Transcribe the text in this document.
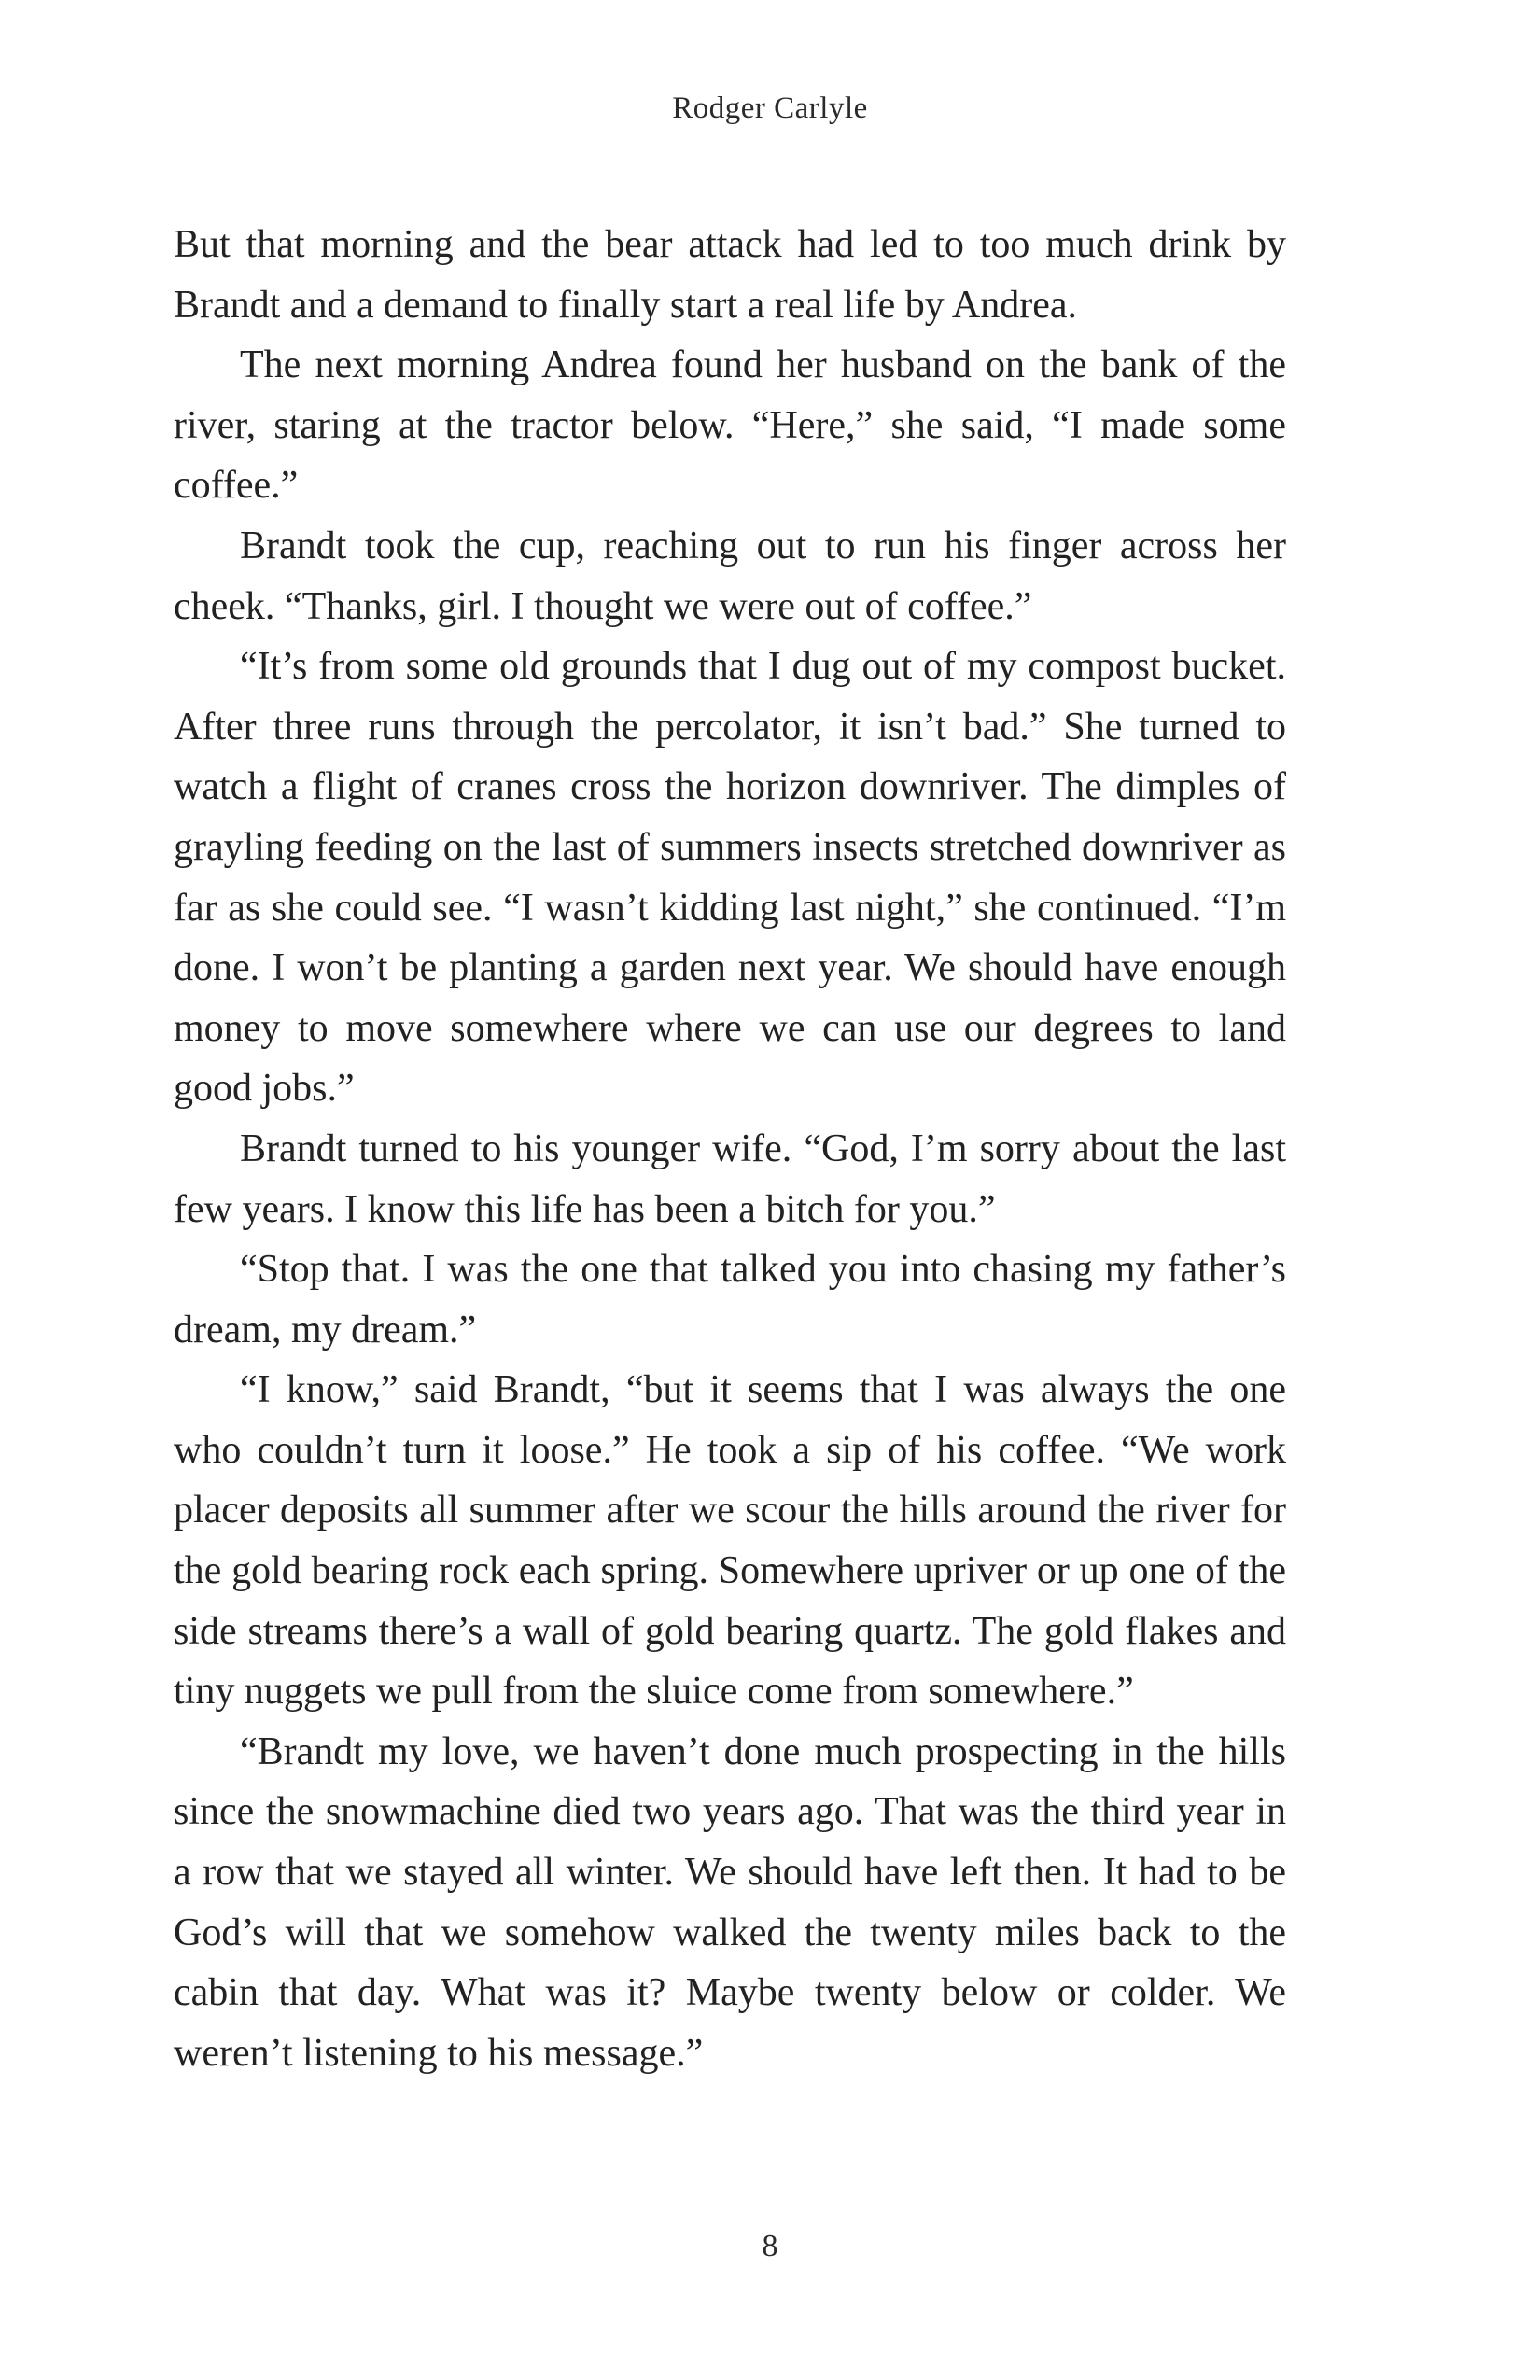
Rodger Carlyle

But that morning and the bear attack had led to too much drink by Brandt and a demand to finally start a real life by Andrea.

The next morning Andrea found her husband on the bank of the river, staring at the tractor below. “Here,” she said, “I made some coffee.”

Brandt took the cup, reaching out to run his finger across her cheek. “Thanks, girl. I thought we were out of coffee.”

“It’s from some old grounds that I dug out of my compost bucket. After three runs through the percolator, it isn’t bad.” She turned to watch a flight of cranes cross the horizon downriver. The dimples of grayling feeding on the last of summers insects stretched downriver as far as she could see. “I wasn’t kidding last night,” she continued. “I’m done. I won’t be planting a garden next year. We should have enough money to move somewhere where we can use our degrees to land good jobs.”

Brandt turned to his younger wife. “God, I’m sorry about the last few years. I know this life has been a bitch for you.”

“Stop that. I was the one that talked you into chasing my father’s dream, my dream.”

“I know,” said Brandt, “but it seems that I was always the one who couldn’t turn it loose.” He took a sip of his coffee. “We work placer deposits all summer after we scour the hills around the river for the gold bearing rock each spring. Somewhere upriver or up one of the side streams there’s a wall of gold bearing quartz. The gold flakes and tiny nuggets we pull from the sluice come from somewhere.”

“Brandt my love, we haven’t done much prospecting in the hills since the snowmachine died two years ago. That was the third year in a row that we stayed all winter. We should have left then. It had to be God’s will that we somehow walked the twenty miles back to the cabin that day. What was it? Maybe twenty below or colder. We weren’t listening to his message.”

8
